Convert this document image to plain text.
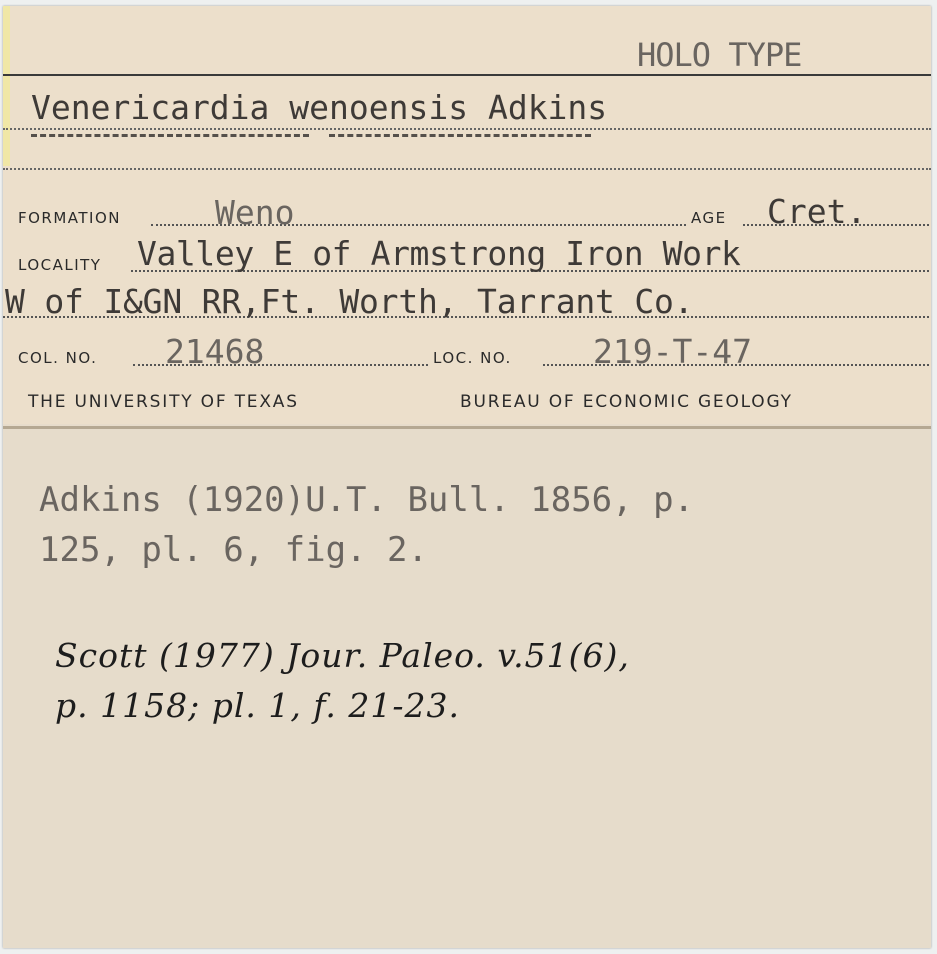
HOLO TYPE
Venericardia wenoensis Adkins
FORMATION	Weno	AGE Cret.
LOCALITY Valley E of Armstrong Iron Work
W of I&GN RR,Ft. Worth, Tarrant Co.
COL. NO. 21468	LOC. NO. 219-T-47
THE UNIVERSITY OF TEXAS	BUREAU OF ECONOMIC GEOLOGY
Adkins (1920)U.T. Bull. 1856, p.
125, pl. 6, fig. 2.
Scott (1977) Jour. Paleo. v.51(6),
p. 1158; pl. 1, f. 21-23.
